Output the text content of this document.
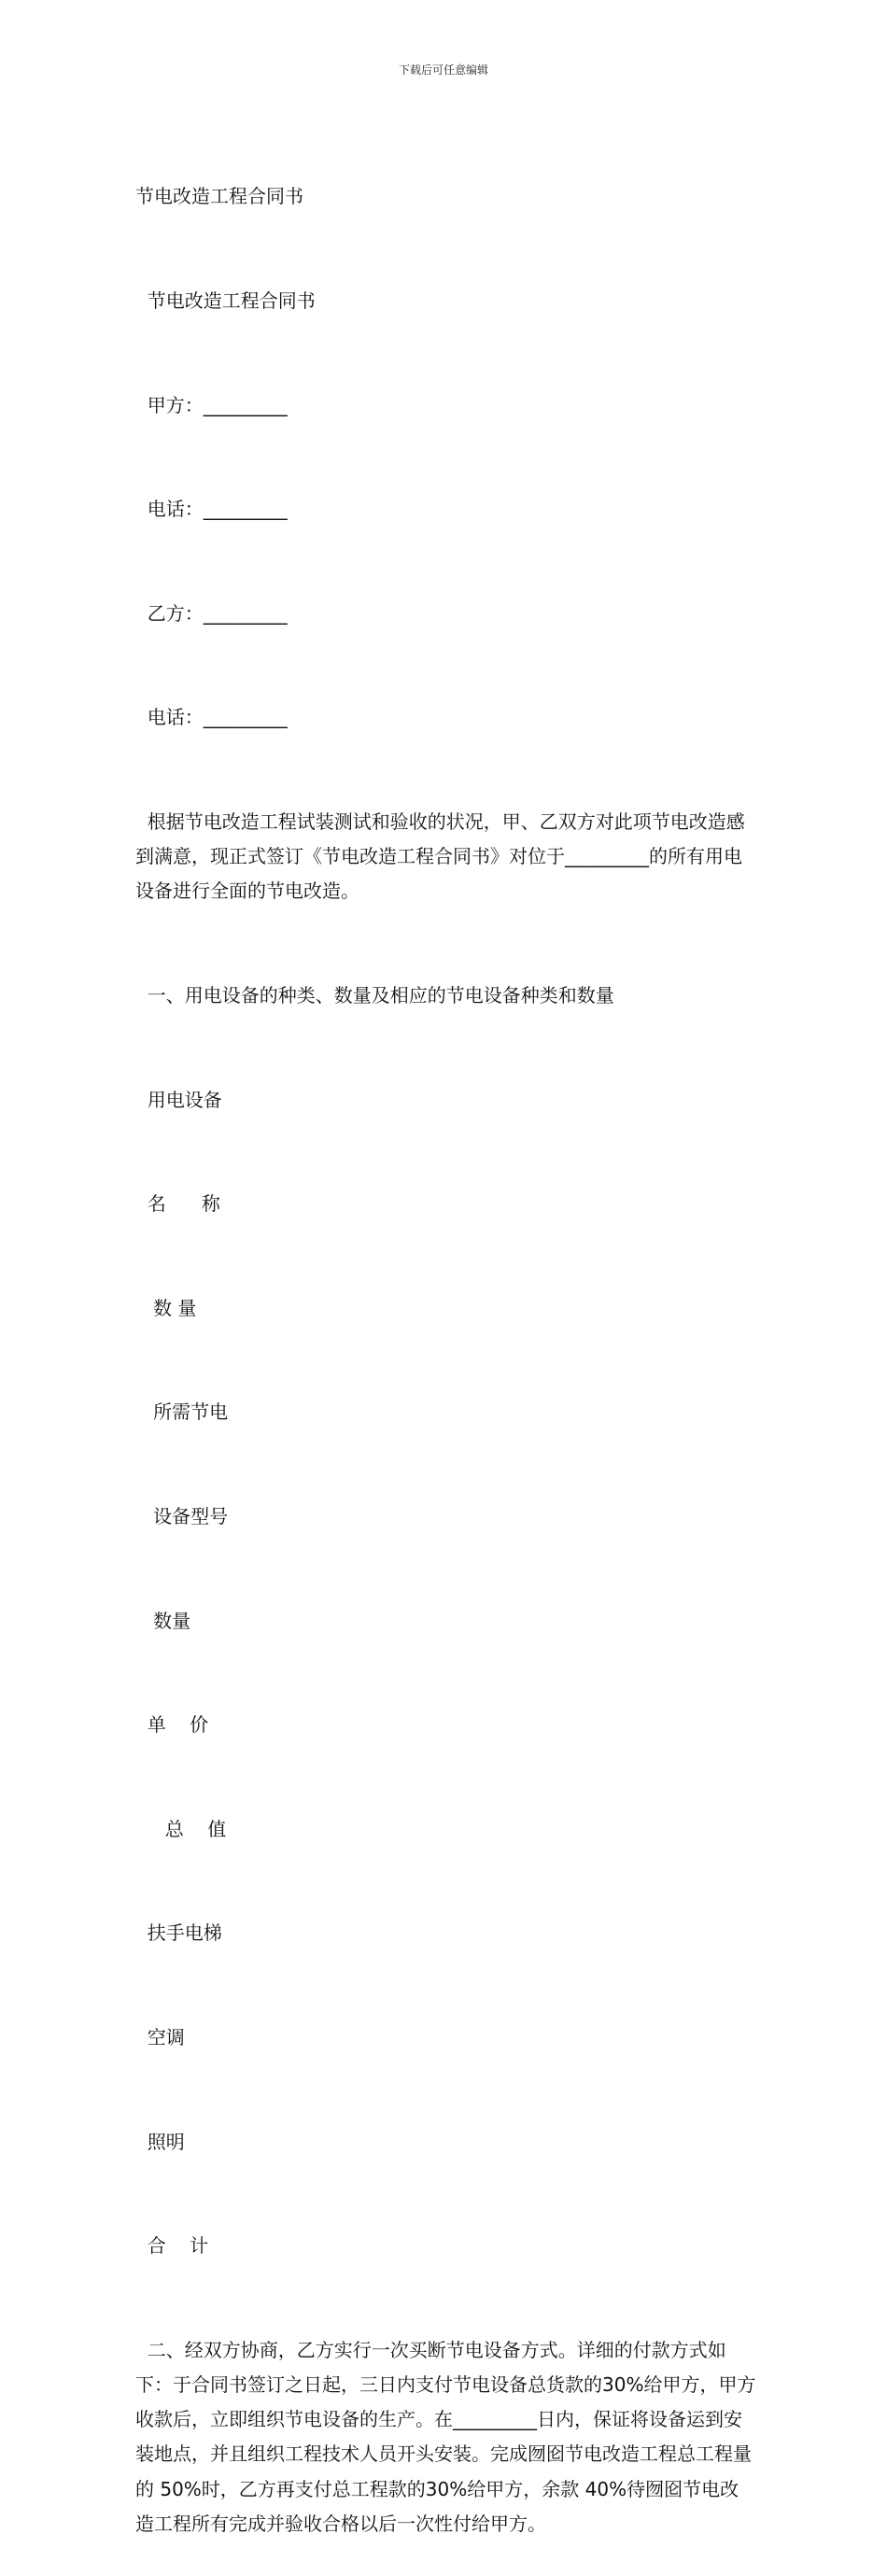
下载后可任意编辑

节电改造工程合同书

节电改造工程合同书

甲方：_________

电话：_________

乙方：_________

电话：_________

根据节电改造工程试装测试和验收的状况，甲、乙双方对此项节电改造感到满意，现正式签订《节电改造工程合同书》对位于_________的所有用电设备进行全面的节电改造。

一、用电设备的种类、数量及相应的节电设备种类和数量

用电设备

名      称

数 量

所需节电

设备型号

数量

单    价

总    值

扶手电梯

空调

照明

合    计

二、经双方协商，乙方实行一次买断节电设备方式。详细的付款方式如下：于合同书签订之日起，三日内支付节电设备总货款的30%给甲方，甲方收款后，立即组织节电设备的生产。在_________日内，保证将设备运到安装地点，并且组织工程技术人员开头安装。完成囫囵节电改造工程总工程量的 50%时，乙方再支付总工程款的30%给甲方，余款 40%待囫囵节电改造工程所有完成并验收合格以后一次性付给甲方。
